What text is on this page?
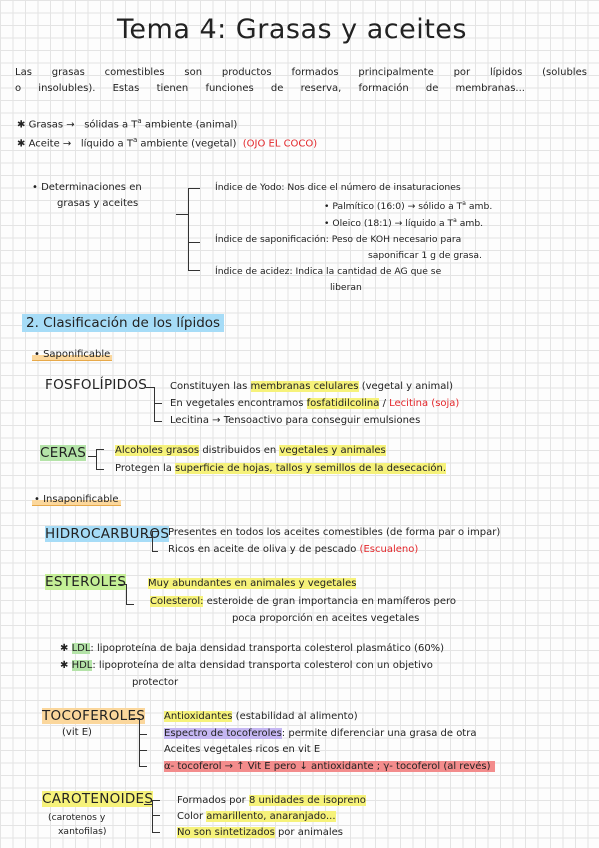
Tema 4: Grasas y aceites
Las grasas comestibles son productos formados principalmente por lípidos (solubles
o insolubles). Estas tienen funciones de reserva, formación de membranas...
✱ Grasas → sólidas a $T^a$ ambiente (animal)
✱ Aceite → líquido a $T^a$ ambiente (vegetal) (OJO EL COCO)
• Determinaciones en
grasas y aceites
Índice de Yodo: Nos dice el número de insaturaciones
• Palmítico (16:0) → sólido a $T^a$ amb.
• Oleico (18:1) → líquido a $T^a$ amb.
Índice de saponificación: Peso de KOH necesario para
saponificar 1 g de grasa.
Índice de acidez: Indica la cantidad de AG que se
liberan
2. Clasificación de los lípidos
• Saponificable
FOSFOLÍPIDOS Constituyen las membranas celulares (vegetal y animal)
En vegetales encontramos fosfatidilcolina / Lecitina (soja)
Lecitina → Tensoactivo para conseguir emulsiones
CERAS	Alcoholes grasos distribuidos en vegetales y animales
Protegen la superficie de hojas, tallos y semillos de la desecación.
• Insaponificable
HIDROCARBUROS
Presentes en todos los aceites comestibles (de forma par o impar)
Ricos en aceite de oliva y de pescado (Escualeno)
ESTEROLES Muy abundantes en animales y vegetales
Colesterol: esteroide de gran importancia en mamíferos pero
poca proporción en aceites vegetales
✱ LDL: lipoproteína de baja densidad transporta colesterol plasmático (60%)
✱ HDL: lipoproteína de alta densidad transporta colesterol con un objetivo
protector
TOCOFEROLES
(vit E)
Antioxidantes (estabilidad al alimento)
Espectro de tocoferoles: permite diferenciar una grasa de otra
Aceites vegetales ricos en vit E
α- tocoferol → ↑ Vit E pero ↓ antioxidante ; γ- tocoferol (al revés)
CAROTENOIDES
(carotenos y
xantofilas)
Formados por 8 unidades de isopreno
Color amarillento, anaranjado...
No son sintetizados por animales
